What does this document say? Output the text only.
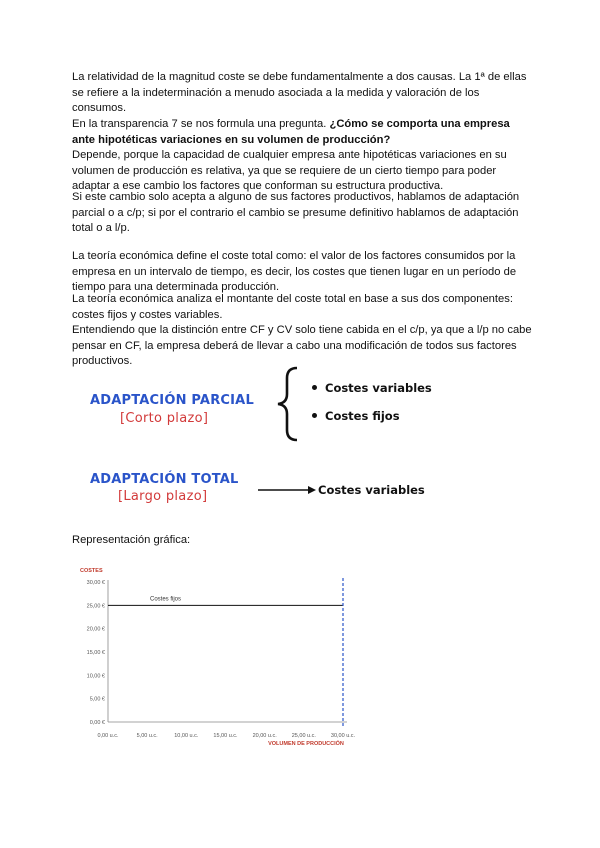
La relatividad de la magnitud coste se debe fundamentalmente a dos causas. La 1ª de ellas se refiere a la indeterminación a menudo asociada a la medida y valoración de los consumos.

En la transparencia 7 se nos formula una pregunta. ¿Cómo se comporta una empresa ante hipotéticas variaciones en su volumen de producción?

Depende, porque la capacidad de cualquier empresa ante hipotéticas variaciones en su volumen de producción es relativa, ya que se requiere de un cierto tiempo para poder adaptar a ese cambio los factores que conforman su estructura productiva.

Si este cambio solo acepta a alguno de sus factores productivos, hablamos de adaptación parcial o a c/p; si por el contrario el cambio se presume definitivo hablamos de adaptación total o a l/p.

La teoría económica define el coste total como: el valor de los factores consumidos por la empresa en un intervalo de tiempo, es decir, los costes que tienen lugar en un período de tiempo para una determinada producción.

La teoría económica analiza el montante del coste total en base a sus dos componentes: costes fijos y costes variables.

Entendiendo que la distinción entre CF y CV solo tiene cabida en el c/p, ya que a l/p no cabe pensar en CF, la empresa deberá de llevar a cabo una modificación de todos sus factores productivos.

ADAPTACIÓN PARCIAL
[Corto plazo]
Costes variables
Costes fijos
ADAPTACIÓN TOTAL
[Largo plazo]	Costes variables

Representación gráfica:

COSTES
VOLUMEN DE PRODUCCIÓN
30,00 €
25,00 €
20,00 €
15,00 €
10,00 €
5,00 €
0,00 €
0,00 u.c.	5,00 u.c.	10,00 u.c.	15,00 u.c.	20,00 u.c.	25,00 u.c.	30,00 u.c.
Costes fijos
